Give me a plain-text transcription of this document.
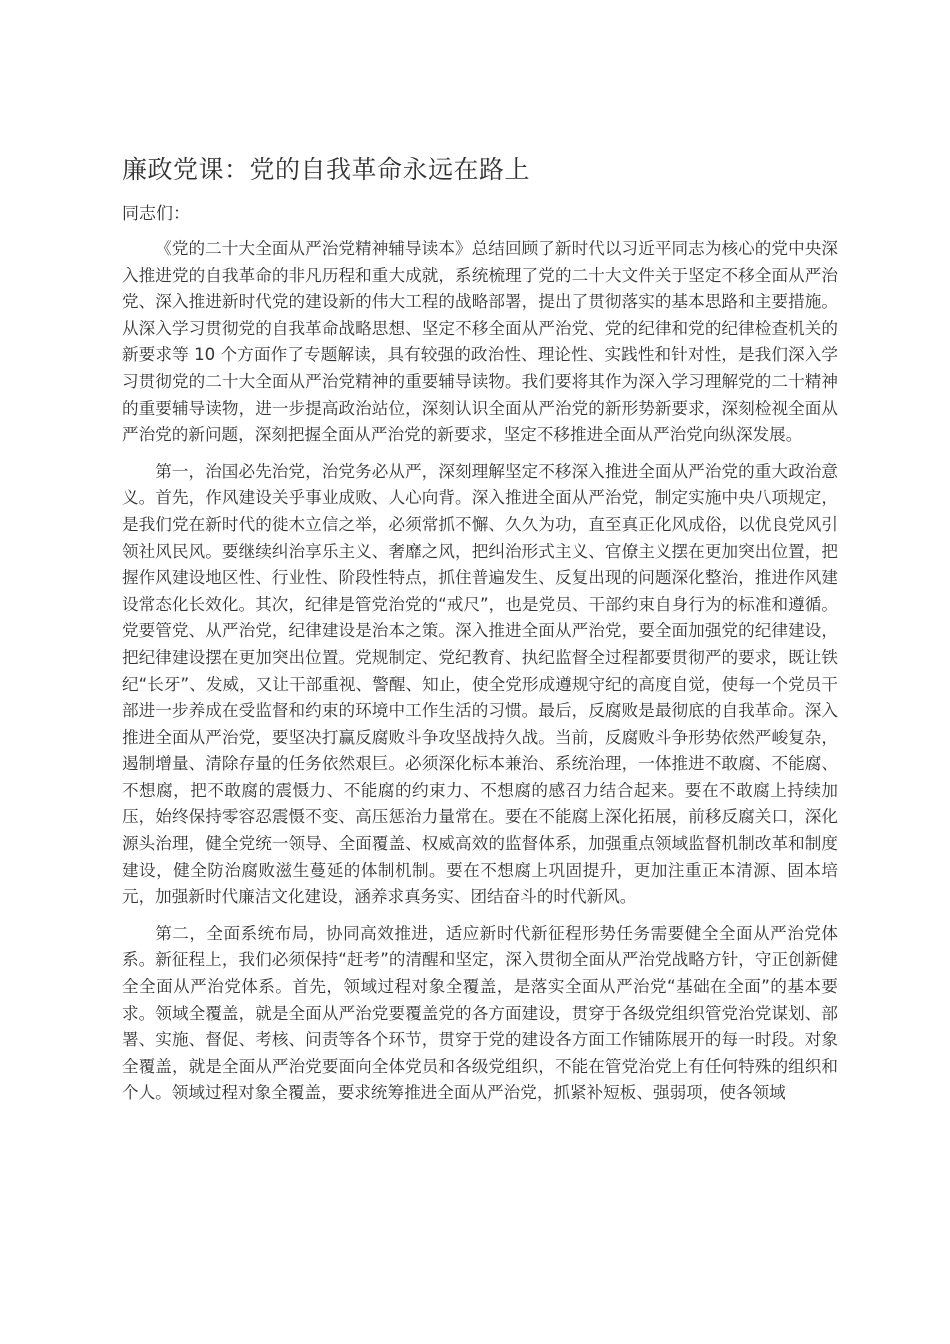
廉政党课：党的自我革命永远在路上

同志们：

《党的二十大全面从严治党精神辅导读本》总结回顾了新时代以习近平同志为核心的党中央深入推进党的自我革命的非凡历程和重大成就，系统梳理了党的二十大文件关于坚定不移全面从严治党、深入推进新时代党的建设新的伟大工程的战略部署，提出了贯彻落实的基本思路和主要措施。从深入学习贯彻党的自我革命战略思想、坚定不移全面从严治党、党的纪律和党的纪律检查机关的新要求等 10 个方面作了专题解读，具有较强的政治性、理论性、实践性和针对性，是我们深入学习贯彻党的二十大全面从严治党精神的重要辅导读物。我们要将其作为深入学习理解党的二十精神的重要辅导读物，进一步提高政治站位，深刻认识全面从严治党的新形势新要求，深刻检视全面从严治党的新问题，深刻把握全面从严治党的新要求，坚定不移推进全面从严治党向纵深发展。

第一，治国必先治党，治党务必从严，深刻理解坚定不移深入推进全面从严治党的重大政治意义。首先，作风建设关乎事业成败、人心向背。深入推进全面从严治党，制定实施中央八项规定，是我们党在新时代的徙木立信之举，必须常抓不懈、久久为功，直至真正化风成俗，以优良党风引领社风民风。要继续纠治享乐主义、奢靡之风，把纠治形式主义、官僚主义摆在更加突出位置，把握作风建设地区性、行业性、阶段性特点，抓住普遍发生、反复出现的问题深化整治，推进作风建设常态化长效化。其次，纪律是管党治党的“戒尺”，也是党员、干部约束自身行为的标准和遵循。党要管党、从严治党，纪律建设是治本之策。深入推进全面从严治党，要全面加强党的纪律建设，把纪律建设摆在更加突出位置。党规制定、党纪教育、执纪监督全过程都要贯彻严的要求，既让铁纪“长牙”、发威，又让干部重视、警醒、知止，使全党形成遵规守纪的高度自觉，使每一个党员干部进一步养成在受监督和约束的环境中工作生活的习惯。最后，反腐败是最彻底的自我革命。深入推进全面从严治党，要坚决打赢反腐败斗争攻坚战持久战。当前，反腐败斗争形势依然严峻复杂，遏制增量、清除存量的任务依然艰巨。必须深化标本兼治、系统治理，一体推进不敢腐、不能腐、不想腐，把不敢腐的震慑力、不能腐的约束力、不想腐的感召力结合起来。要在不敢腐上持续加压，始终保持零容忍震慑不变、高压惩治力量常在。要在不能腐上深化拓展，前移反腐关口，深化源头治理，健全党统一领导、全面覆盖、权威高效的监督体系，加强重点领域监督机制改革和制度建设，健全防治腐败滋生蔓延的体制机制。要在不想腐上巩固提升，更加注重正本清源、固本培元，加强新时代廉洁文化建设，涵养求真务实、团结奋斗的时代新风。

第二，全面系统布局，协同高效推进，适应新时代新征程形势任务需要健全全面从严治党体系。新征程上，我们必须保持“赶考”的清醒和坚定，深入贯彻全面从严治党战略方针，守正创新健全全面从严治党体系。首先，领域过程对象全覆盖，是落实全面从严治党“基础在全面”的基本要求。领域全覆盖，就是全面从严治党要覆盖党的各方面建设，贯穿于各级党组织管党治党谋划、部署、实施、督促、考核、问责等各个环节，贯穿于党的建设各方面工作铺陈展开的每一时段。对象全覆盖，就是全面从严治党要面向全体党员和各级党组织，不能在管党治党上有任何特殊的组织和个人。领域过程对象全覆盖，要求统筹推进全面从严治党，抓紧补短板、强弱项，使各领域
